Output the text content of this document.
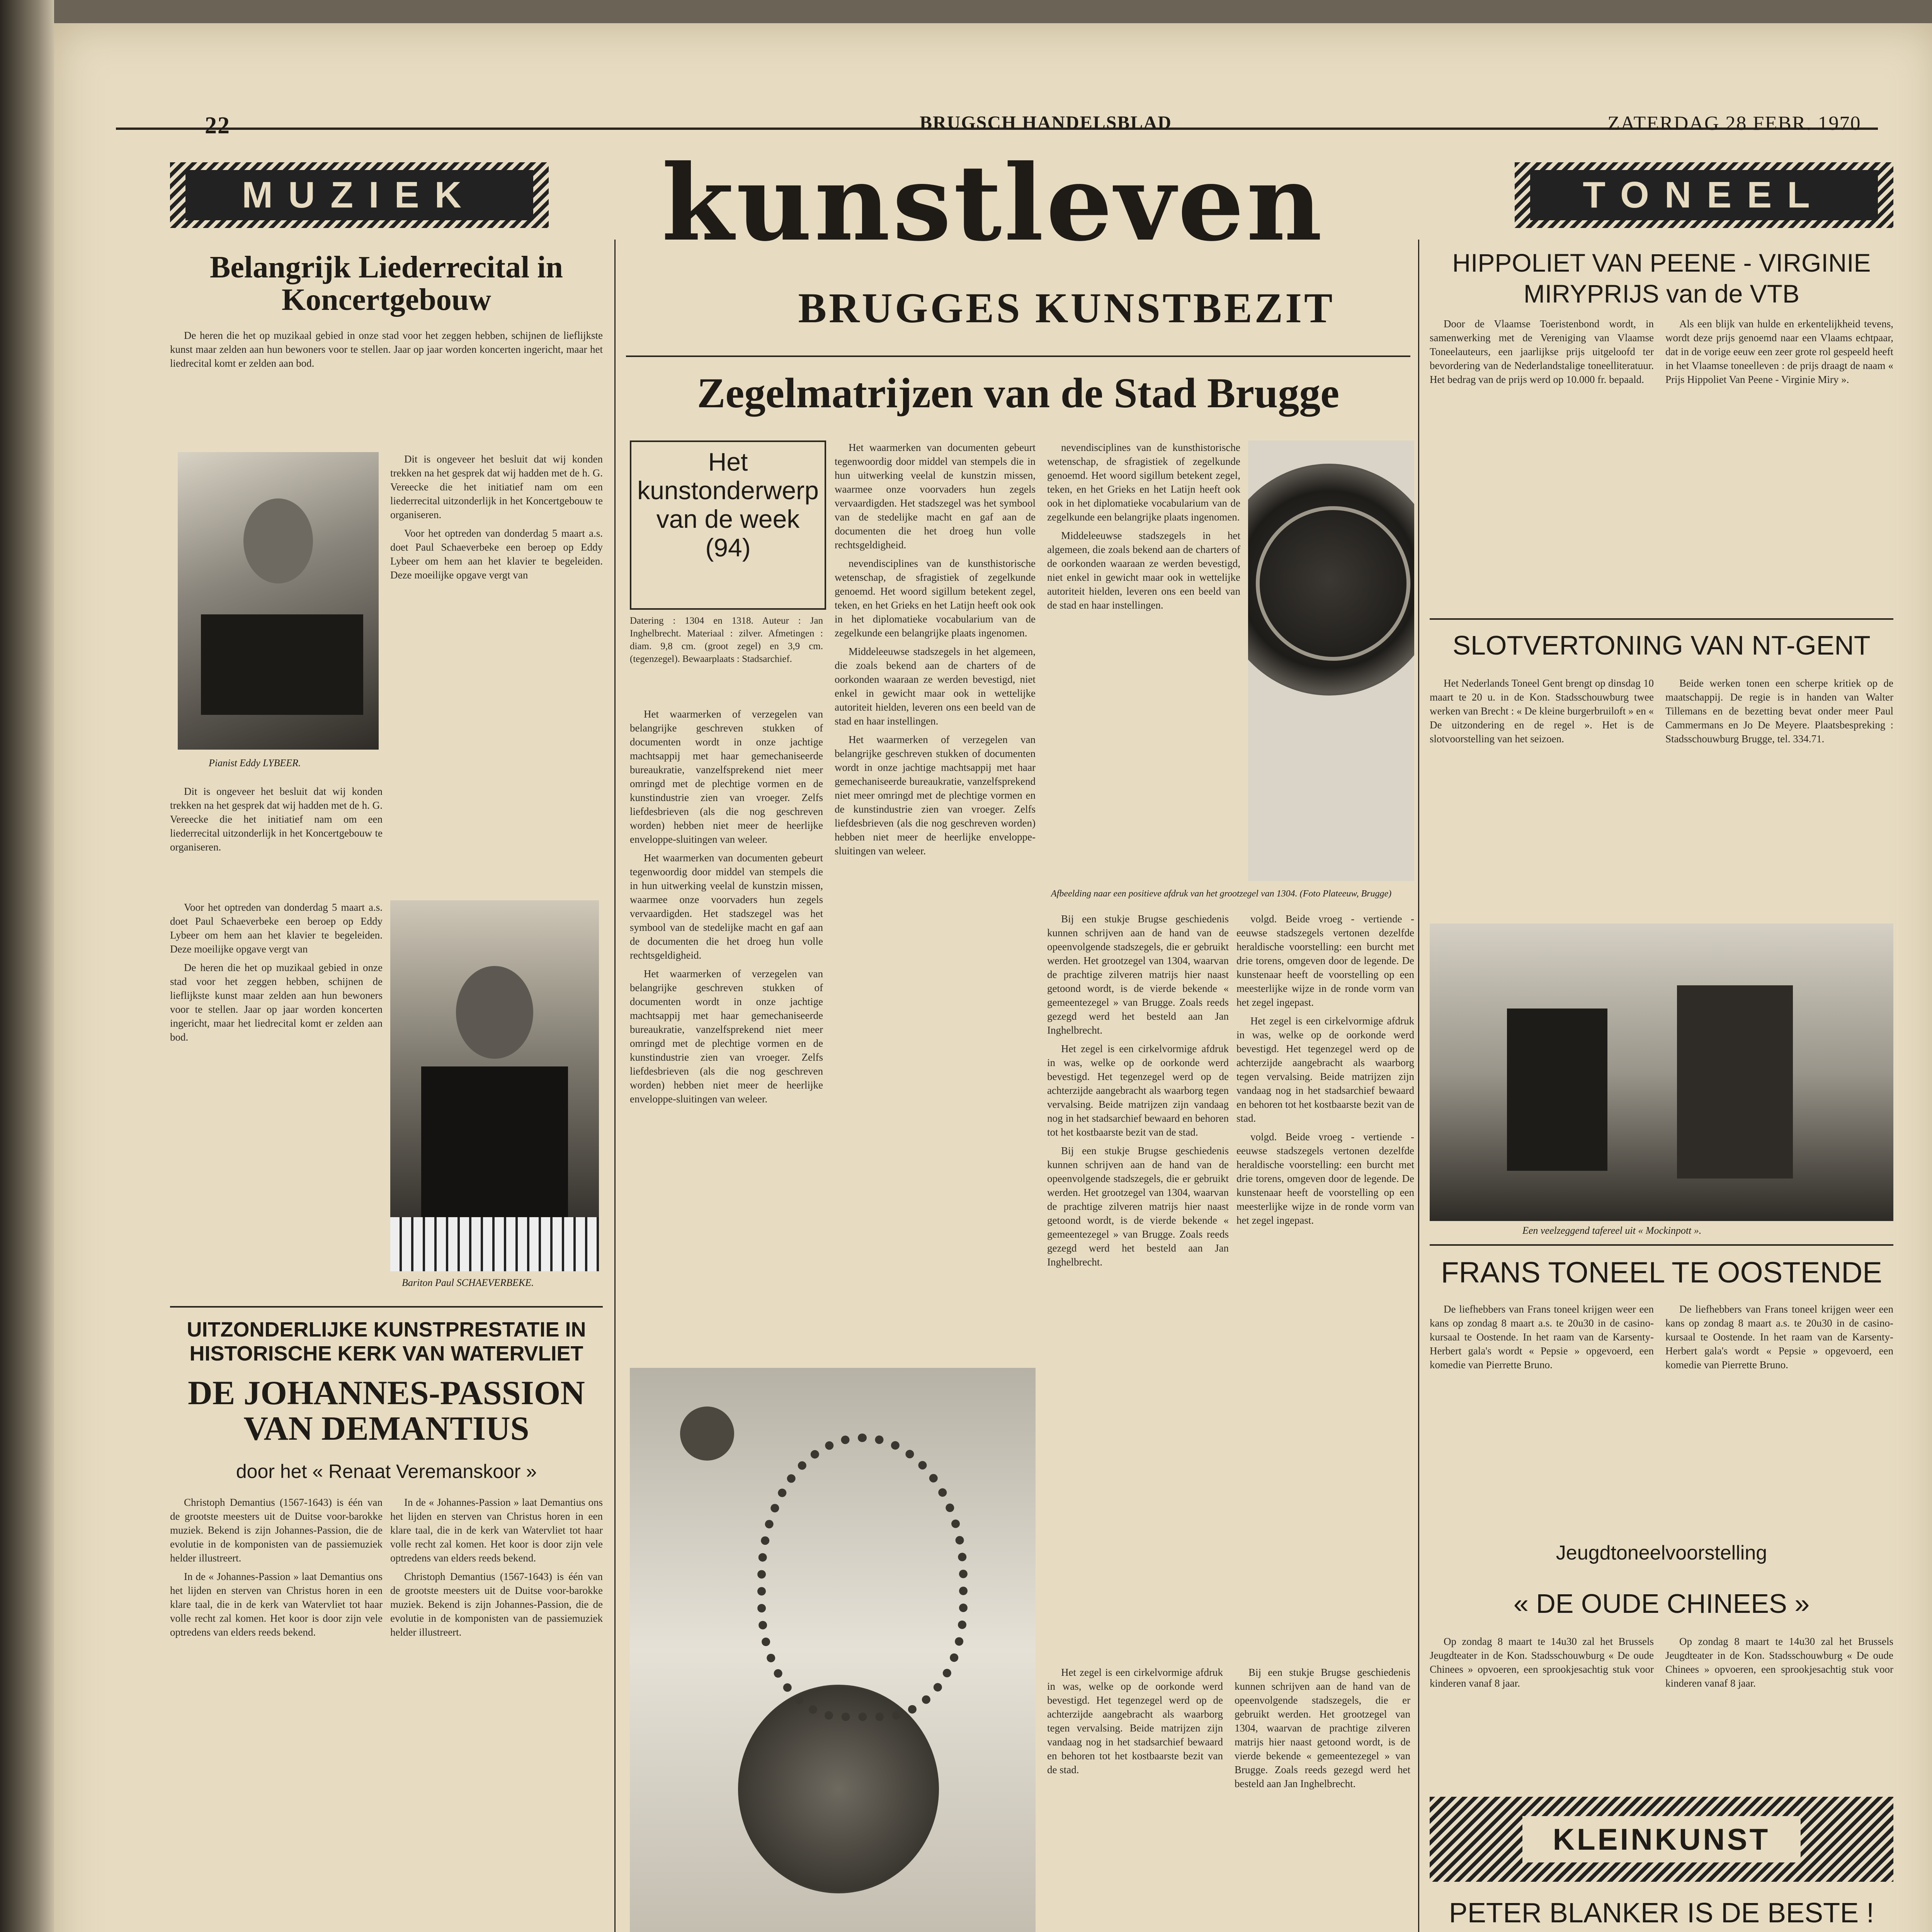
22	BRUGSCH HANDELSBLAD	ZATERDAG 28 FEBR. 1970
MUZIEK	kunstleven	TONEEL
Belangrijk Liederrecital in Koncertgebouw

De heren die het op muzikaal gebied in onze stad voor het zeggen hebben, schijnen de lieflijkste kunst maar zelden aan hun bewoners voor te stellen. Jaar op jaar worden koncerten ingericht, maar het liedrecital komt er zelden aan bod.

Pianist Eddy LYBEER.

Dit is ongeveer het besluit dat wij konden trekken na het gesprek dat wij hadden met de h. G. Vereecke die het initiatief nam om een liederrecital uitzonderlijk in het Koncertgebouw te organiseren.

Voor het optreden van donderdag 5 maart a.s. doet Paul Schaeverbeke een beroep op Eddy Lybeer om hem aan het klavier te begeleiden. Deze moeilijke opgave vergt van

Dit is ongeveer het besluit dat wij konden trekken na het gesprek dat wij hadden met de h. G. Vereecke die het initiatief nam om een liederrecital uitzonderlijk in het Koncertgebouw te organiseren.

Bariton Paul SCHAEVERBEKE.

Voor het optreden van donderdag 5 maart a.s. doet Paul Schaeverbeke een beroep op Eddy Lybeer om hem aan het klavier te begeleiden. Deze moeilijke opgave vergt van

De heren die het op muzikaal gebied in onze stad voor het zeggen hebben, schijnen de lieflijkste kunst maar zelden aan hun bewoners voor te stellen. Jaar op jaar worden koncerten ingericht, maar het liedrecital komt er zelden aan bod.

UITZONDERLIJKE KUNSTPRESTATIE IN HISTORISCHE KERK VAN WATERVLIET
DE JOHANNES-PASSION VAN DEMANTIUS
door het « Renaat Veremanskoor »

Christoph Demantius (1567-1643) is één van de grootste meesters uit de Duitse voor-barokke muziek. Bekend is zijn Johannes-Passion, die de evolutie in de komponisten van de passiemuziek helder illustreert.

In de « Johannes-Passion » laat Demantius ons het lijden en sterven van Christus horen in een klare taal, die in de kerk van Watervliet tot haar volle recht zal komen. Het koor is door zijn vele optredens van elders reeds bekend.

In de « Johannes-Passion » laat Demantius ons het lijden en sterven van Christus horen in een klare taal, die in de kerk van Watervliet tot haar volle recht zal komen. Het koor is door zijn vele optredens van elders reeds bekend.

Christoph Demantius (1567-1643) is één van de grootste meesters uit de Duitse voor-barokke muziek. Bekend is zijn Johannes-Passion, die de evolutie in de komponisten van de passiemuziek helder illustreert.

BRUGGES KUNSTBEZIT
Zegelmatrijzen van de Stad Brugge
Het kunstonderwerp van de week (94)

Datering : 1304 en 1318. Auteur : Jan Inghelbrecht. Materiaal : zilver. Afmetingen : diam. 9,8 cm. (groot zegel) en 3,9 cm. (tegenzegel). Bewaarplaats : Stadsarchief.

Het waarmerken of verzegelen van belangrijke geschreven stukken of documenten wordt in onze jachtige machtsappij met haar gemechaniseerde bureaukratie, vanzelfsprekend niet meer omringd met de plechtige vormen en de kunstindustrie zien van vroeger. Zelfs liefdesbrieven (als die nog geschreven worden) hebben niet meer de heerlijke enveloppe-sluitingen van weleer.

Het waarmerken van documenten gebeurt tegenwoordig door middel van stempels die in hun uitwerking veelal de kunstzin missen, waarmee onze voorvaders hun zegels vervaardigden. Het stadszegel was het symbool van de stedelijke macht en gaf aan de documenten die het droeg hun volle rechtsgeldigheid.

Het waarmerken of verzegelen van belangrijke geschreven stukken of documenten wordt in onze jachtige machtsappij met haar gemechaniseerde bureaukratie, vanzelfsprekend niet meer omringd met de plechtige vormen en de kunstindustrie zien van vroeger. Zelfs liefdesbrieven (als die nog geschreven worden) hebben niet meer de heerlijke enveloppe-sluitingen van weleer.

Het waarmerken van documenten gebeurt tegenwoordig door middel van stempels die in hun uitwerking veelal de kunstzin missen, waarmee onze voorvaders hun zegels vervaardigden. Het stadszegel was het symbool van de stedelijke macht en gaf aan de documenten die het droeg hun volle rechtsgeldigheid.

nevendisciplines van de kunsthistorische wetenschap, de sfragistiek of zegelkunde genoemd. Het woord sigillum betekent zegel, teken, en het Grieks en het Latijn heeft ook ook in het diplomatieke vocabularium van de zegelkunde een belangrijke plaats ingenomen.

Middeleeuwse stadszegels in het algemeen, die zoals bekend aan de charters of de oorkonden waaraan ze werden bevestigd, niet enkel in gewicht maar ook in wettelijke autoriteit hielden, leveren ons een beeld van de stad en haar instellingen.

Het waarmerken of verzegelen van belangrijke geschreven stukken of documenten wordt in onze jachtige machtsappij met haar gemechaniseerde bureaukratie, vanzelfsprekend niet meer omringd met de plechtige vormen en de kunstindustrie zien van vroeger. Zelfs liefdesbrieven (als die nog geschreven worden) hebben niet meer de heerlijke enveloppe-sluitingen van weleer.

nevendisciplines van de kunsthistorische wetenschap, de sfragistiek of zegelkunde genoemd. Het woord sigillum betekent zegel, teken, en het Grieks en het Latijn heeft ook ook in het diplomatieke vocabularium van de zegelkunde een belangrijke plaats ingenomen.

Middeleeuwse stadszegels in het algemeen, die zoals bekend aan de charters of de oorkonden waaraan ze werden bevestigd, niet enkel in gewicht maar ook in wettelijke autoriteit hielden, leveren ons een beeld van de stad en haar instellingen.

Afbeelding naar een positieve afdruk van het grootzegel van 1304. (Foto Plateeuw, Brugge)

Bij een stukje Brugse geschiedenis kunnen schrijven aan de hand van de opeenvolgende stadszegels, die er gebruikt werden. Het grootzegel van 1304, waarvan de prachtige zilveren matrijs hier naast getoond wordt, is de vierde bekende « gemeentezegel » van Brugge. Zoals reeds gezegd werd het besteld aan Jan Inghelbrecht.

Het zegel is een cirkelvormige afdruk in was, welke op de oorkonde werd bevestigd. Het tegenzegel werd op de achterzijde aangebracht als waarborg tegen vervalsing. Beide matrijzen zijn vandaag nog in het stadsarchief bewaard en behoren tot het kostbaarste bezit van de stad.

Bij een stukje Brugse geschiedenis kunnen schrijven aan de hand van de opeenvolgende stadszegels, die er gebruikt werden. Het grootzegel van 1304, waarvan de prachtige zilveren matrijs hier naast getoond wordt, is de vierde bekende « gemeentezegel » van Brugge. Zoals reeds gezegd werd het besteld aan Jan Inghelbrecht.

volgd. Beide vroeg - vertiende - eeuwse stadszegels vertonen dezelfde heraldische voorstelling: een burcht met drie torens, omgeven door de legende. De kunstenaar heeft de voorstelling op een meesterlijke wijze in de ronde vorm van het zegel ingepast.

Het zegel is een cirkelvormige afdruk in was, welke op de oorkonde werd bevestigd. Het tegenzegel werd op de achterzijde aangebracht als waarborg tegen vervalsing. Beide matrijzen zijn vandaag nog in het stadsarchief bewaard en behoren tot het kostbaarste bezit van de stad.

volgd. Beide vroeg - vertiende - eeuwse stadszegels vertonen dezelfde heraldische voorstelling: een burcht met drie torens, omgeven door de legende. De kunstenaar heeft de voorstelling op een meesterlijke wijze in de ronde vorm van het zegel ingepast.

Het zegel is een cirkelvormige afdruk in was, welke op de oorkonde werd bevestigd. Het tegenzegel werd op de achterzijde aangebracht als waarborg tegen vervalsing. Beide matrijzen zijn vandaag nog in het stadsarchief bewaard en behoren tot het kostbaarste bezit van de stad.

Bij een stukje Brugse geschiedenis kunnen schrijven aan de hand van de opeenvolgende stadszegels, die er gebruikt werden. Het grootzegel van 1304, waarvan de prachtige zilveren matrijs hier naast getoond wordt, is de vierde bekende « gemeentezegel » van Brugge. Zoals reeds gezegd werd het besteld aan Jan Inghelbrecht.

HIPPOLIET VAN PEENE - VIRGINIE MIRYPRIJS van de VTB

Door de Vlaamse Toeristenbond wordt, in samenwerking met de Vereniging van Vlaamse Toneelauteurs, een jaarlijkse prijs uitgeloofd ter bevordering van de Nederlandstalige toneelliteratuur. Het bedrag van de prijs werd op 10.000 fr. bepaald.

Als een blijk van hulde en erkentelijkheid tevens, wordt deze prijs genoemd naar een Vlaams echtpaar, dat in de vorige eeuw een zeer grote rol gespeeld heeft in het Vlaamse toneelleven : de prijs draagt de naam « Prijs Hippoliet Van Peene - Virginie Miry ».

SLOTVERTONING VAN NT-GENT

Het Nederlands Toneel Gent brengt op dinsdag 10 maart te 20 u. in de Kon. Stadsschouwburg twee werken van Brecht : « De kleine burgerbruiloft » en « De uitzondering en de regel ». Het is de slotvoorstelling van het seizoen.

Beide werken tonen een scherpe kritiek op de maatschappij. De regie is in handen van Walter Tillemans en de bezetting bevat onder meer Paul Cammermans en Jo De Meyere. Plaatsbespreking : Stadsschouwburg Brugge, tel. 334.71.

Een veelzeggend tafereel uit « Mockinpott ».
FRANS TONEEL TE OOSTENDE

De liefhebbers van Frans toneel krijgen weer een kans op zondag 8 maart a.s. te 20u30 in de casino-kursaal te Oostende. In het raam van de Karsenty-Herbert gala's wordt « Pepsie » opgevoerd, een komedie van Pierrette Bruno.

De liefhebbers van Frans toneel krijgen weer een kans op zondag 8 maart a.s. te 20u30 in de casino-kursaal te Oostende. In het raam van de Karsenty-Herbert gala's wordt « Pepsie » opgevoerd, een komedie van Pierrette Bruno.

Jeugdtoneelvoorstelling
« DE OUDE CHINEES »

Op zondag 8 maart te 14u30 zal het Brussels Jeugdteater in de Kon. Stadsschouwburg « De oude Chinees » opvoeren, een sprookjesachtig stuk voor kinderen vanaf 8 jaar.

Op zondag 8 maart te 14u30 zal het Brussels Jeugdteater in de Kon. Stadsschouwburg « De oude Chinees » opvoeren, een sprookjesachtig stuk voor kinderen vanaf 8 jaar.

KLEINKUNST
PETER BLANKER IS DE BESTE !
